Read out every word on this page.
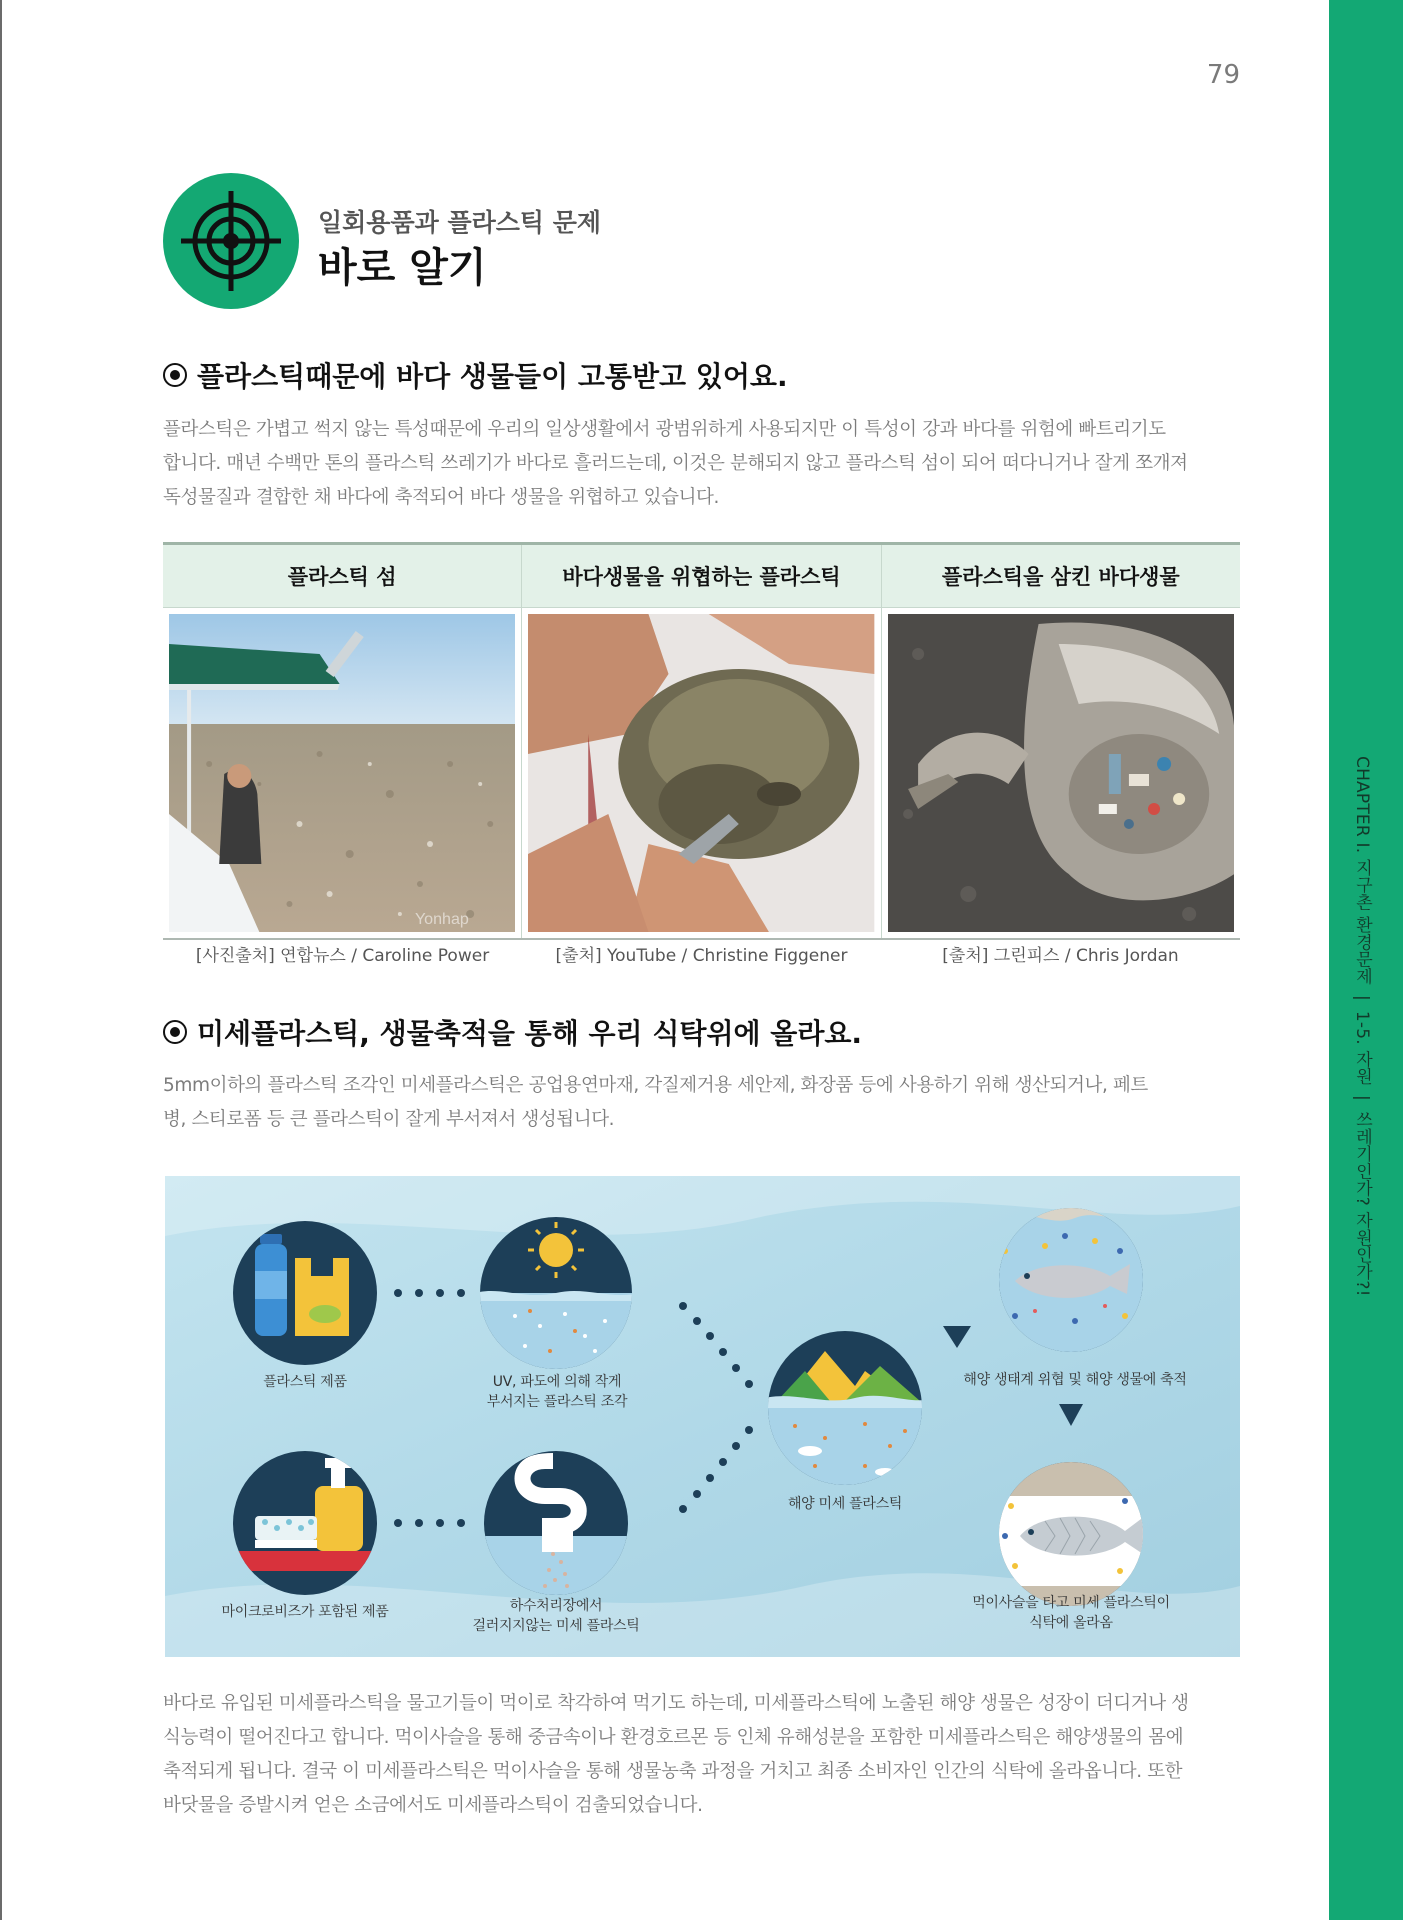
CHAPTER I. 지구촌 환경문제|1-5. 자원|쓰레기인가? 자원인가?!
79
일회용품과 플라스틱 문제
바로 알기
플라스틱때문에 바다 생물들이 고통받고 있어요.
플라스틱은 가볍고 썩지 않는 특성때문에 우리의 일상생활에서 광범위하게 사용되지만 이 특성이 강과 바다를 위험에 빠트리기도
합니다. 매년 수백만 톤의 플라스틱 쓰레기가 바다로 흘러드는데, 이것은 분해되지 않고 플라스틱 섬이 되어 떠다니거나 잘게 쪼개져
독성물질과 결합한 채 바다에 축적되어 바다 생물을 위협하고 있습니다.
플라스틱 섬	바다생물을 위협하는 플라스틱	플라스틱을 삼킨 바다생물
Yonhap
[사진출처] 연합뉴스 / Caroline Power	[출처] YouTube / Christine Figgener	[출처] 그린피스 / Chris Jordan
미세플라스틱, 생물축적을 통해 우리 식탁위에 올라요.
5mm이하의 플라스틱 조각인 미세플라스틱은 공업용연마재, 각질제거용 세안제, 화장품 등에 사용하기 위해 생산되거나, 페트
병, 스티로폼 등 큰 플라스틱이 잘게 부서져서 생성됩니다.
플라스틱 제품	UV, 파도에 의해 작게
부서지는 플라스틱 조각
마이크로비즈가 포함된 제품	하수처리장에서
걸러지지않는 미세 플라스틱
해양 미세 플라스틱
해양 생태계 위협 및 해양 생물에 축적
먹이사슬을 타고 미세 플라스틱이
식탁에 올라옴
바다로 유입된 미세플라스틱을 물고기들이 먹이로 착각하여 먹기도 하는데, 미세플라스틱에 노출된 해양 생물은 성장이 더디거나 생
식능력이 떨어진다고 합니다. 먹이사슬을 통해 중금속이나 환경호르몬 등 인체 유해성분을 포함한 미세플라스틱은 해양생물의 몸에
축적되게 됩니다. 결국 이 미세플라스틱은 먹이사슬을 통해 생물농축 과정을 거치고 최종 소비자인 인간의 식탁에 올라옵니다. 또한
바닷물을 증발시켜 얻은 소금에서도 미세플라스틱이 검출되었습니다.
